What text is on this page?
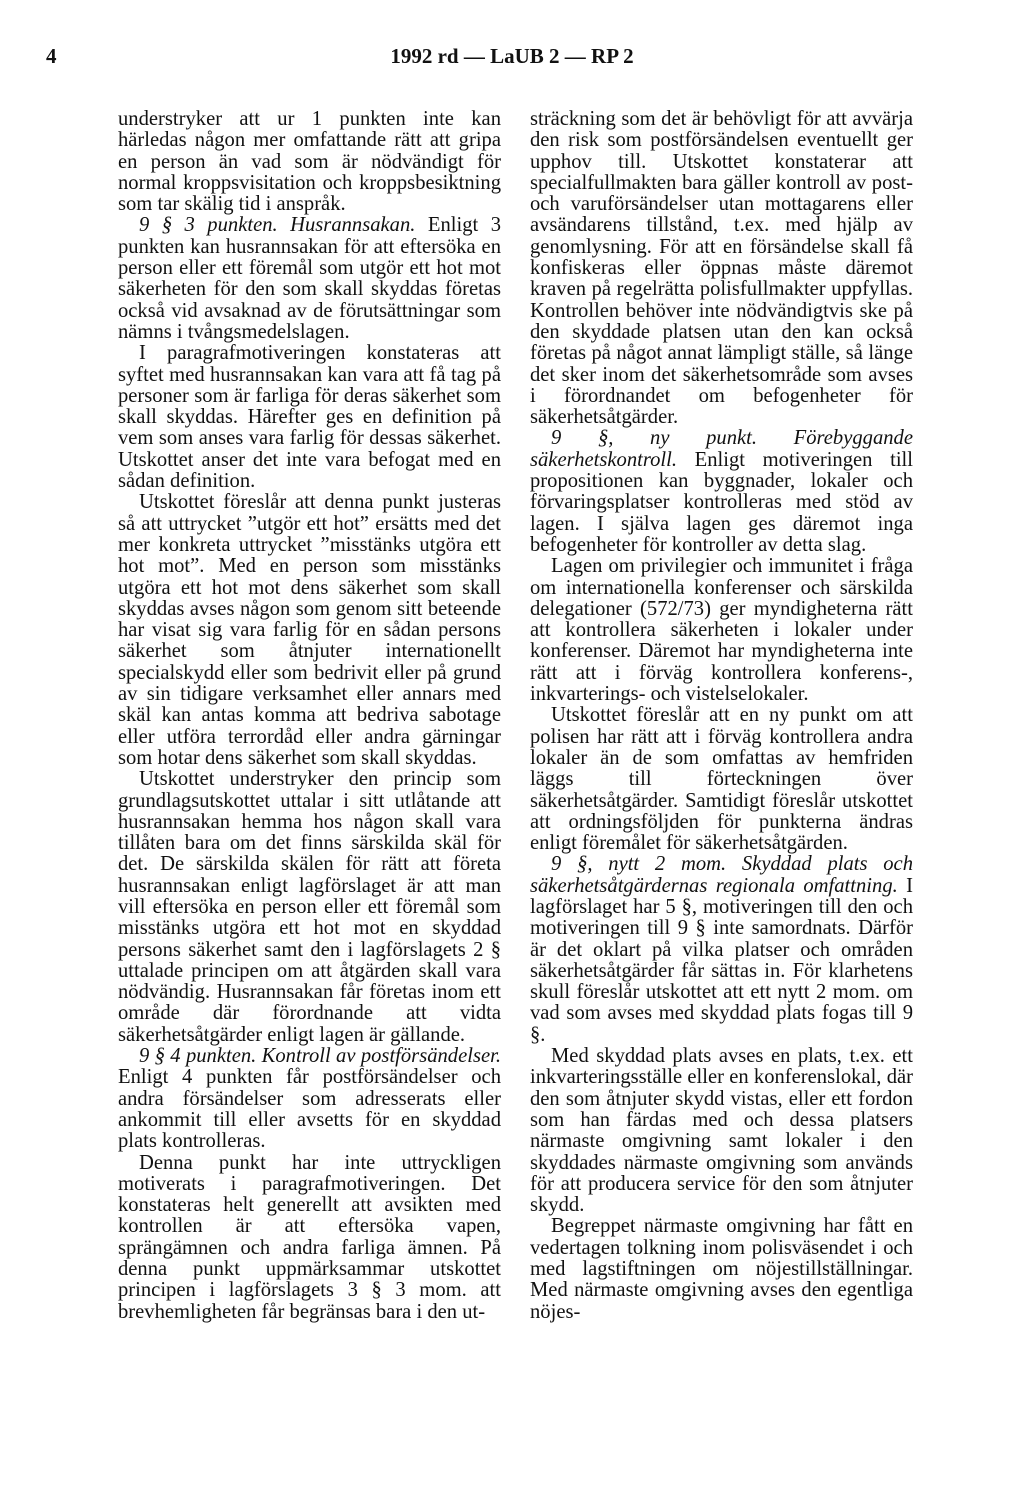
4	1992 rd — LaUB 2 — RP 2

understryker att ur 1 punkten inte kan härledas någon mer omfattande rätt att gripa en person än vad som är nödvändigt för normal kroppsvisitation och kroppsbesiktning som tar skälig tid i anspråk.

9 § 3 punkten. Husrannsakan. Enligt 3 punkten kan husrannsakan för att eftersöka en person eller ett föremål som utgör ett hot mot säkerheten för den som skall skyddas företas också vid avsaknad av de förutsättningar som nämns i tvångsmedelslagen.

I paragrafmotiveringen konstateras att syftet med husrannsakan kan vara att få tag på personer som är farliga för deras säkerhet som skall skyddas. Härefter ges en definition på vem som anses vara farlig för dessas säkerhet. Utskottet anser det inte vara befogat med en sådan definition.

Utskottet föreslår att denna punkt justeras så att uttrycket ”utgör ett hot” ersätts med det mer konkreta uttrycket ”misstänks utgöra ett hot mot”. Med en person som misstänks utgöra ett hot mot dens säkerhet som skall skyddas avses någon som genom sitt beteende har visat sig vara farlig för en sådan persons säkerhet som åtnjuter internationellt specialskydd eller som bedrivit eller på grund av sin tidigare verksamhet eller annars med skäl kan antas komma att bedriva sabotage eller utföra terrordåd eller andra gärningar som hotar dens säkerhet som skall skyddas.

Utskottet understryker den princip som grundlagsutskottet uttalar i sitt utlåtande att husrannsakan hemma hos någon skall vara tillåten bara om det finns särskilda skäl för det. De särskilda skälen för rätt att företa husrannsakan enligt lagförslaget är att man vill eftersöka en person eller ett föremål som misstänks utgöra ett hot mot en skyddad persons säkerhet samt den i lagförslagets 2 § uttalade principen om att åtgärden skall vara nödvändig. Husrannsakan får företas inom ett område där förordnande att vidta säkerhetsåtgärder enligt lagen är gällande.

9 § 4 punkten. Kontroll av postförsändelser. Enligt 4 punkten får postförsändelser och andra försändelser som adresserats eller ankommit till eller avsetts för en skyddad plats kontrolleras.

Denna punkt har inte uttryckligen motiverats i paragrafmotiveringen. Det konstateras helt generellt att avsikten med kontrollen är att eftersöka vapen, sprängämnen och andra farliga ämnen. På denna punkt uppmärksammar utskottet principen i lagförslagets 3 § 3 mom. att brevhemligheten får begränsas bara i den ut-

sträckning som det är behövligt för att avvärja den risk som postförsändelsen eventuellt ger upphov till. Utskottet konstaterar att specialfullmakten bara gäller kontroll av post- och varuförsändelser utan mottagarens eller avsändarens tillstånd, t.ex. med hjälp av genomlysning. För att en försändelse skall få konfiskeras eller öppnas måste däremot kraven på regelrätta polisfullmakter uppfyllas. Kontrollen behöver inte nödvändigtvis ske på den skyddade platsen utan den kan också företas på något annat lämpligt ställe, så länge det sker inom det säkerhetsområde som avses i förordnandet om befogenheter för säkerhetsåtgärder.

9 §, ny punkt. Förebyggande säkerhetskontroll. Enligt motiveringen till propositionen kan byggnader, lokaler och förvaringsplatser kontrolleras med stöd av lagen. I själva lagen ges däremot inga befogenheter för kontroller av detta slag.

Lagen om privilegier och immunitet i fråga om internationella konferenser och särskilda delegationer (572/73) ger myndigheterna rätt att kontrollera säkerheten i lokaler under konferenser. Däremot har myndigheterna inte rätt att i förväg kontrollera konferens-, inkvarterings- och vistelselokaler.

Utskottet föreslår att en ny punkt om att polisen har rätt att i förväg kontrollera andra lokaler än de som omfattas av hemfriden läggs till förteckningen över säkerhetsåtgärder. Samtidigt föreslår utskottet att ordningsföljden för punkterna ändras enligt föremålet för säkerhetsåtgärden.

9 §, nytt 2 mom. Skyddad plats och säkerhetsåtgärdernas regionala omfattning. I lagförslaget har 5 §, motiveringen till den och motiveringen till 9 § inte samordnats. Därför är det oklart på vilka platser och områden säkerhetsåtgärder får sättas in. För klarhetens skull föreslår utskottet att ett nytt 2 mom. om vad som avses med skyddad plats fogas till 9 §.

Med skyddad plats avses en plats, t.ex. ett inkvarteringsställe eller en konferenslokal, där den som åtnjuter skydd vistas, eller ett fordon som han färdas med och dessa platsers närmaste omgivning samt lokaler i den skyddades närmaste omgivning som används för att producera service för den som åtnjuter skydd.

Begreppet närmaste omgivning har fått en vedertagen tolkning inom polisväsendet i och med lagstiftningen om nöjestillställningar. Med närmaste omgivning avses den egentliga nöjes-
